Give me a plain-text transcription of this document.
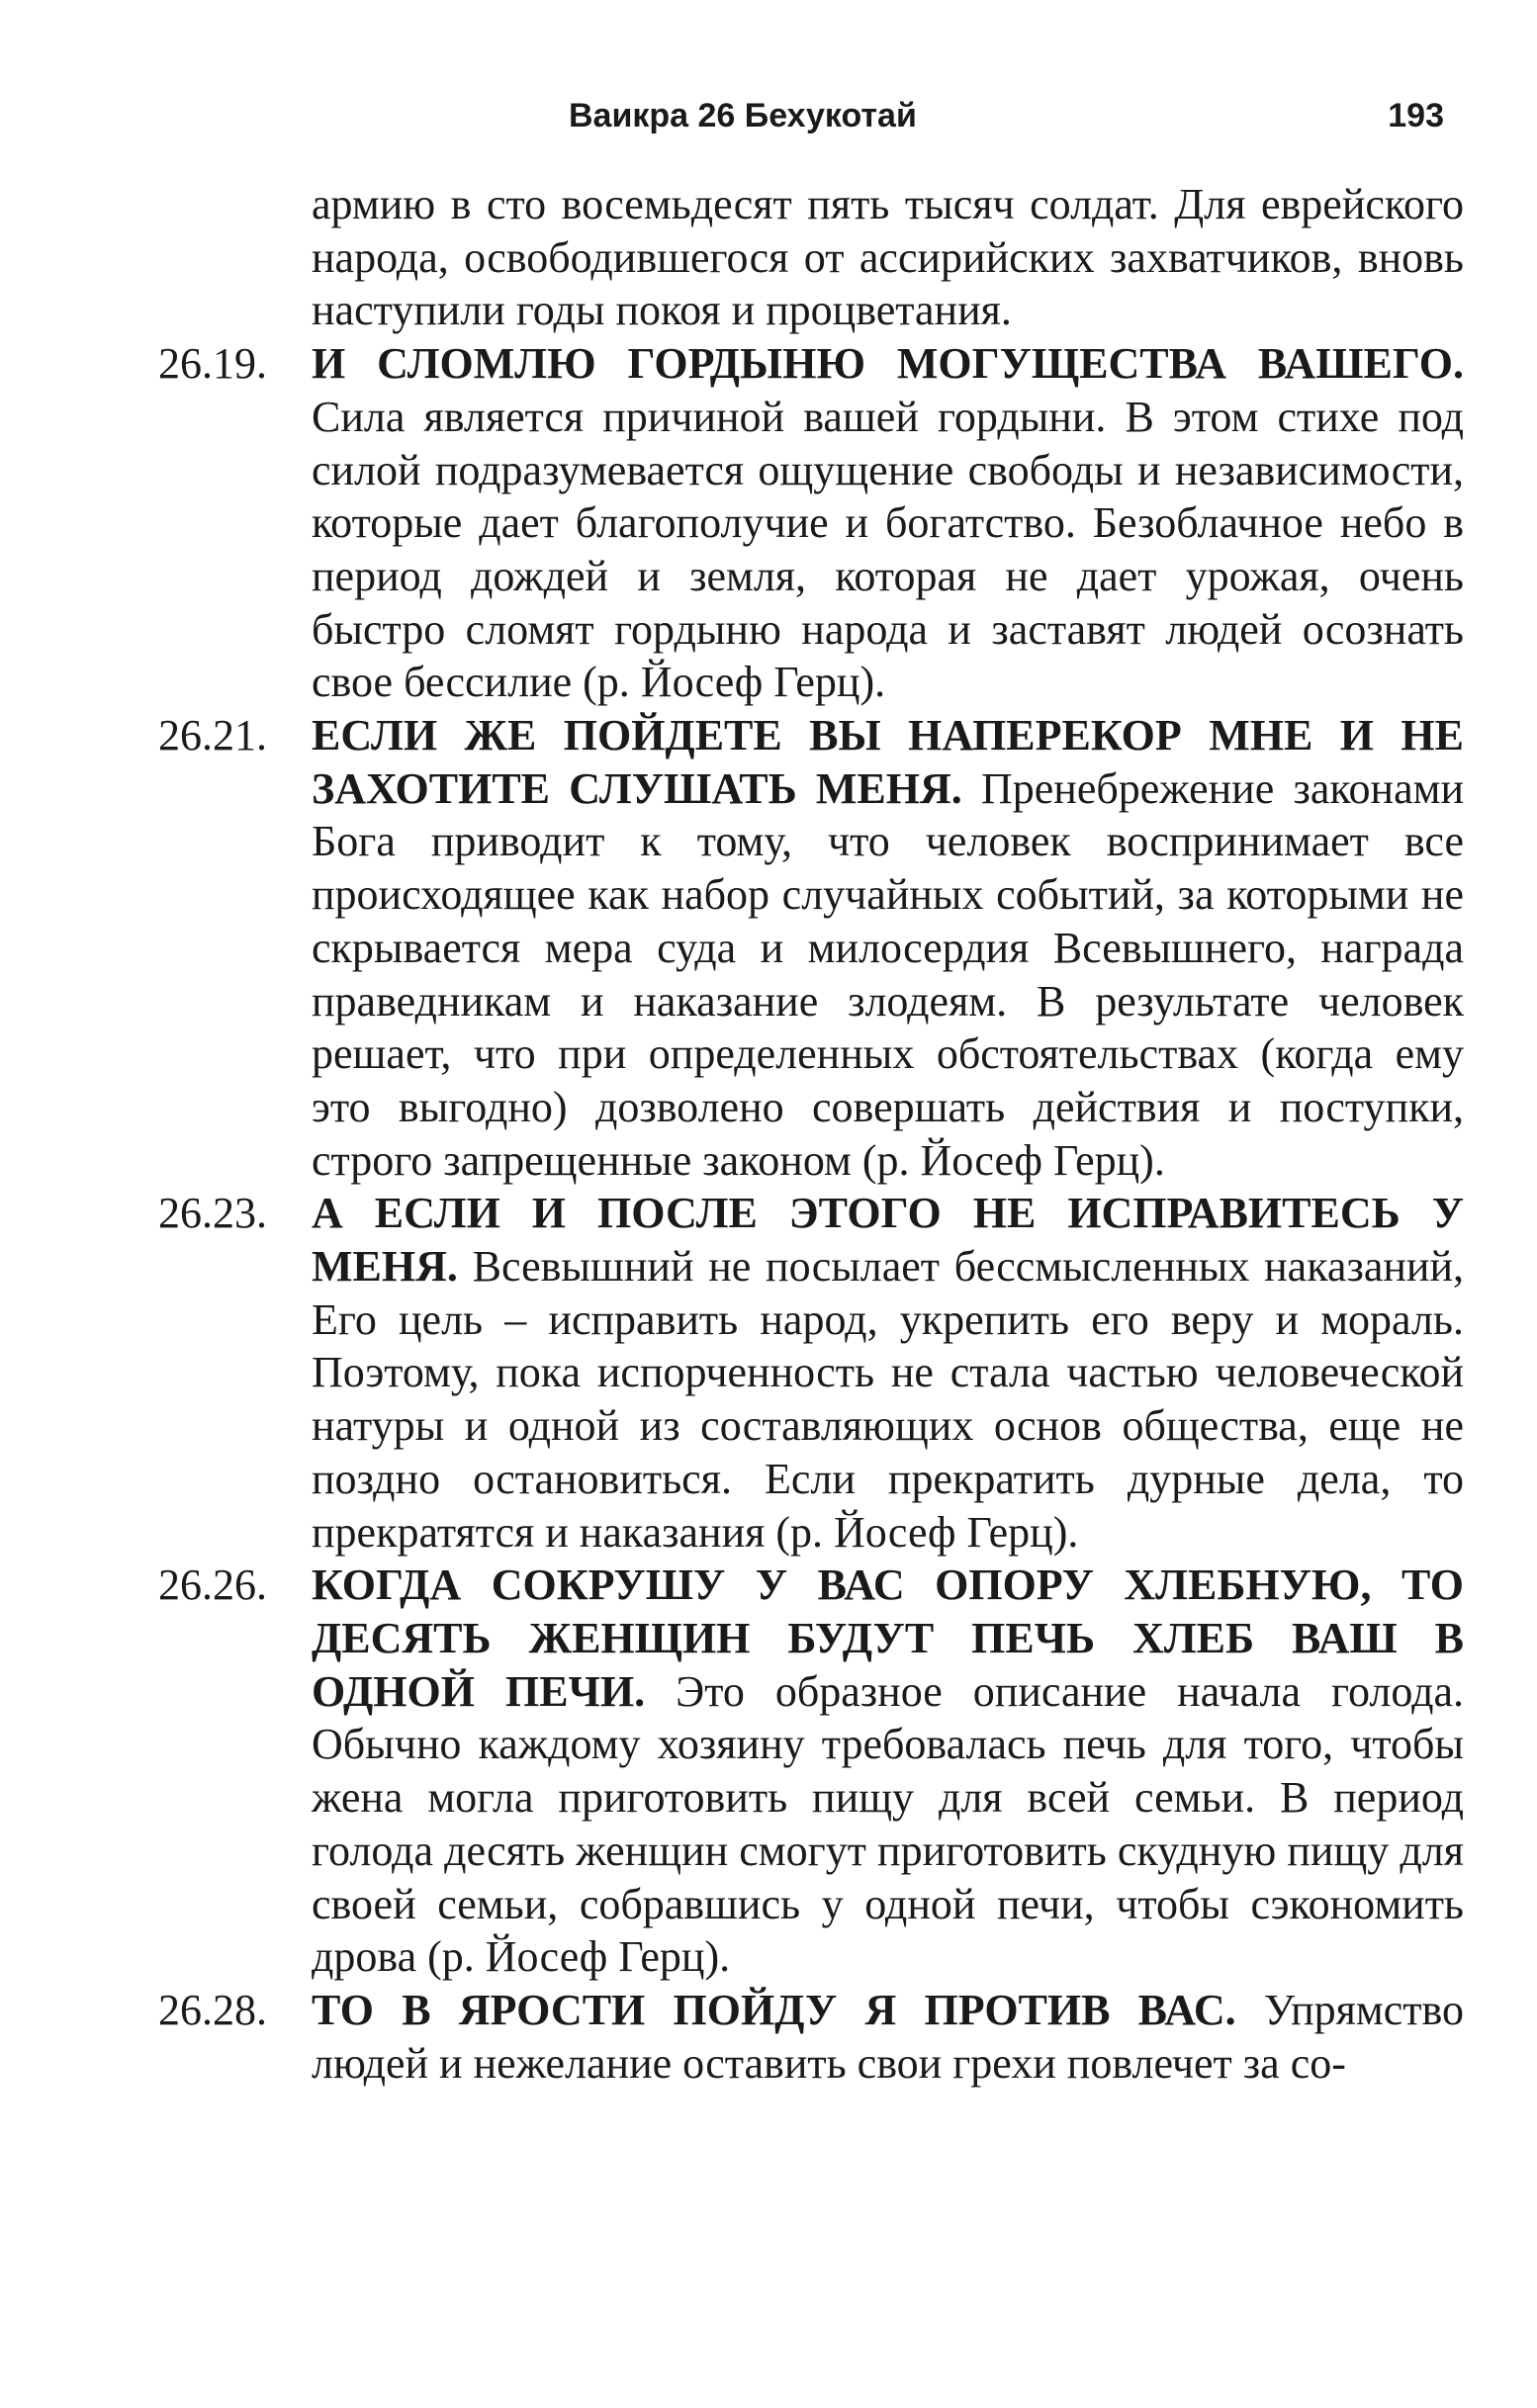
Ваикра 26 Бехукотай	193
армию в сто восемьдесят пять тысяч солдат. Для еврейского народа, освободившегося от ассирийских захватчиков, вновь наступили годы покоя и процветания.
26.19.	И СЛОМЛЮ ГОРДЫНЮ МОГУЩЕСТВА ВАШЕГО. Сила является причиной вашей гордыни. В этом стихе под силой подразумевается ощущение свободы и независимости, которые дает благополучие и богатство. Безоблачное небо в период дождей и земля, которая не дает урожая, очень быстро сломят гордыню народа и заставят людей осознать свое бессилие (р. Йосеф Герц).
26.21.	ЕСЛИ ЖЕ ПОЙДЕТЕ ВЫ НАПЕРЕКОР МНЕ И НЕ ЗАХОТИТЕ СЛУШАТЬ МЕНЯ. Пренебрежение законами Бога приводит к тому, что человек воспринимает все происходящее как набор случайных событий, за которыми не скрывается мера суда и милосердия Всевышнего, награда праведникам и наказание злодеям. В результате человек решает, что при определенных обстоятельствах (когда ему это выгодно) дозволено совершать действия и поступки, строго запрещенные законом (р. Йосеф Герц).
26.23.	А ЕСЛИ И ПОСЛЕ ЭТОГО НЕ ИСПРАВИТЕСЬ У МЕНЯ. Всевышний не посылает бессмысленных наказаний, Его цель – исправить народ, укрепить его веру и мораль. Поэтому, пока испорченность не стала частью человеческой натуры и одной из составляющих основ общества, еще не поздно остановиться. Если прекратить дурные дела, то прекратятся и наказания (р. Йосеф Герц).
26.26.	КОГДА СОКРУШУ У ВАС ОПОРУ ХЛЕБНУЮ, ТО ДЕСЯТЬ ЖЕНЩИН БУДУТ ПЕЧЬ ХЛЕБ ВАШ В ОДНОЙ ПЕЧИ. Это образное описание начала голода. Обычно каждому хозяину требовалась печь для того, чтобы жена могла приготовить пищу для всей семьи. В период голода десять женщин смогут приготовить скудную пищу для своей семьи, собравшись у одной печи, чтобы сэкономить дрова (р. Йосеф Герц).
26.28.	ТО В ЯРОСТИ ПОЙДУ Я ПРОТИВ ВАС. Упрямство людей и нежелание оставить свои грехи повлечет за со-
